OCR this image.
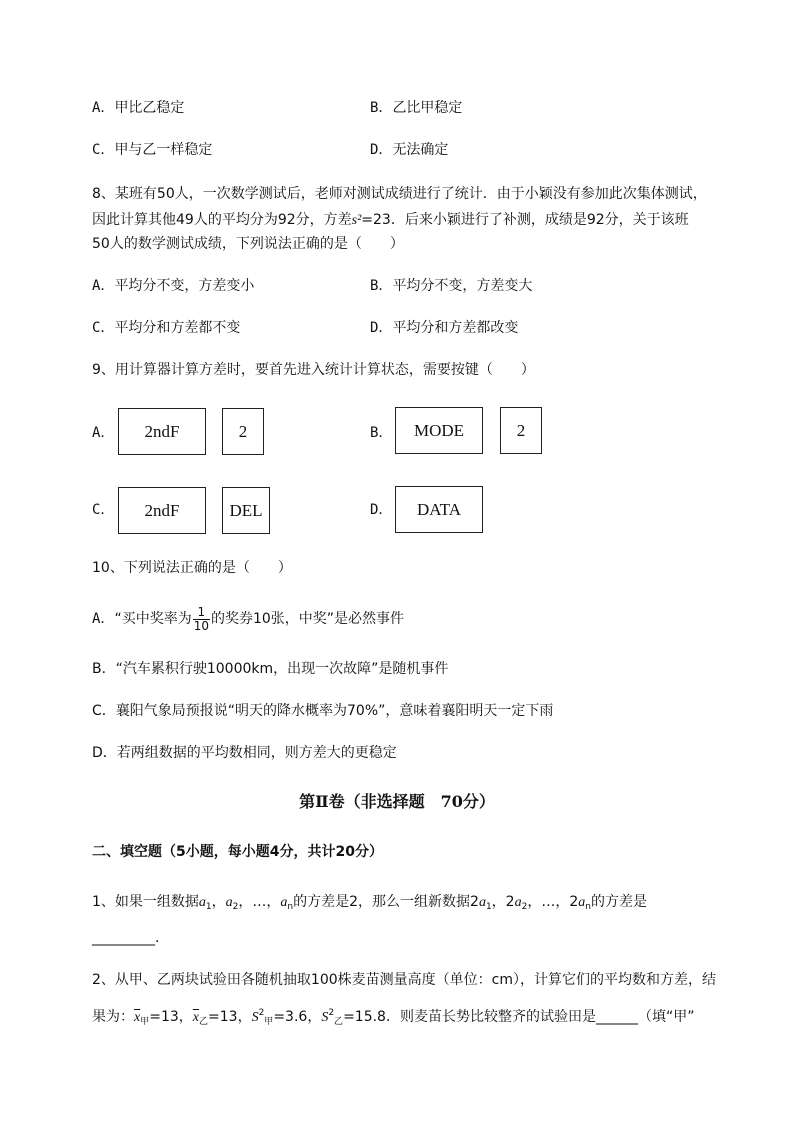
A．甲比乙稳定	B．乙比甲稳定
C．甲与乙一样稳定	D．无法确定
8、某班有50人，一次数学测试后，老师对测试成绩进行了统计．由于小颖没有参加此次集体测试，
因此计算其他49人的平均分为92分，方差s²=23．后来小颖进行了补测，成绩是92分，关于该班
50人的数学测试成绩，下列说法正确的是（　　）
A．平均分不变，方差变小	B．平均分不变，方差变大
C．平均分和方差都不变	D．平均分和方差都改变
9、用计算器计算方差时，要首先进入统计计算状态，需要按键（　　）
A．	2ndF	2	B．	MODE	2
C．	2ndF	DEL	D．	DATA
10、下列说法正确的是（　　）
A．“买中奖率为 $\frac{1}{10}$ 的奖券10张，中奖”是必然事件
B．“汽车累积行驶10000km，出现一次故障”是随机事件
C．襄阳气象局预报说“明天的降水概率为70%”，意味着襄阳明天一定下雨
D．若两组数据的平均数相同，则方差大的更稳定
第Ⅱ卷（非选择题　70分）
二、填空题（5小题，每小题4分，共计20分）
1、如果一组数据$a_1$，$a_2$，…，$a_n$的方差是2，那么一组新数据$2a_1$，$2a_2$，…，$2a_n$的方差是
_________.
2、从甲、乙两块试验田各随机抽取100株麦苗测量高度（单位：cm），计算它们的平均数和方差，结
果为：$\overline{x}_甲=13$，$\overline{x}_乙=13$，$S^2_甲=3.6$，$S^2_乙=15.8$．则麦苗长势比较整齐的试验田是______（填“甲”
